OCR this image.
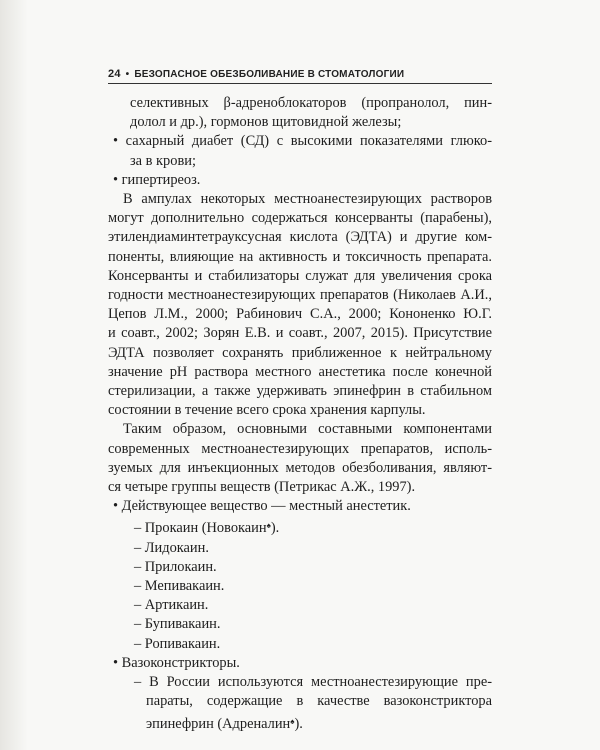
24 • БЕЗОПАСНОЕ ОБЕЗБОЛИВАНИЕ В СТОМАТОЛОГИИ

селективных β-адреноблокаторов (пропранолол, пин-

долол и др.), гормонов щитовидной железы;

• сахарный диабет (СД) с высокими показателями глюко-

за в крови;

• гипертиреоз.

В ампулах некоторых местноанестезирующих растворов

могут дополнительно содержаться консерванты (парабены),

этилендиаминтетрауксусная кислота (ЭДТА) и другие ком-

поненты, влияющие на активность и токсичность препарата.

Консерванты и стабилизаторы служат для увеличения срока

годности местноанестезирующих препаратов (Николаев А.И.,

Цепов Л.М., 2000; Рабинович С.А., 2000; Кононенко Ю.Г.

и соавт., 2002; Зорян Е.В. и соавт., 2007, 2015). Присутствие

ЭДТА позволяет сохранять приближенное к нейтральному

значение pH раствора местного анестетика после конечной

стерилизации, а также удерживать эпинефрин в стабильном

состоянии в течение всего срока хранения карпулы.

Таким образом, основными составными компонентами

современных местноанестезирующих препаратов, исполь-

зуемых для инъекционных методов обезболивания, являют-

ся четыре группы веществ (Петрикас А.Ж., 1997).

• Действующее вещество — местный анестетик.

– Прокаин (Новокаин♠).

– Лидокаин.

– Прилокаин.

– Мепивакаин.

– Артикаин.

– Бупивакаин.

– Ропивакаин.

• Вазоконстрикторы.

– В России используются местноанестезирующие пре-

параты, содержащие в качестве вазоконстриктора

эпинефрин (Адреналин♠).
